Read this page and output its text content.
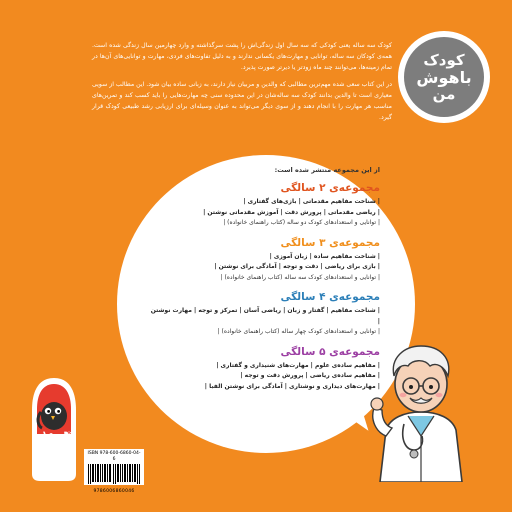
کودک سه ساله یعنی کودکی که سه سال اول زندگی‌اش را پشت سرگذاشته و وارد چهارمین سال زندگی شده است. همه‌ی کودکان سه ساله، توانایی و مهارت‌های یکسانی ندارند و به دلیل تفاوت‌های فردی، مهارت و توانایی‌های آن‌ها در تمام زمینه‌ها، می‌توانند چند ماه زودتر یا دیرتر صورت پذیرد.

در این کتاب سعی شده مهم‌ترین مطالبی که والدین و مربیان نیاز دارند، به زبانی ساده بیان شود. این مطالب از سویی معیاری است تا والدین بدانند کودک سه ساله‌شان در این محدوده سنی چه مهارت‌هایی را باید کسب کند و تمرین‌های مناسب هر مهارت را با انجام دهند و از سوی دیگر می‌تواند به عنوان وسیله‌ای برای ارزیابی رشد طبیعی کودک قرار گیرد.

کودک
باهوش
من
از این مجموعه منتشر شده است:
مجموعه‌ی ۲ سالگی
| شناخت مفاهیم مقدماتی | بازی‌های گفتاری |
| ریاضی مقدماتی | پرورش دقت | آموزش مقدماتی نوشتن |
| توانایی و استعدادهای کودک دو ساله (کتاب راهنمای خانواده) |
مجموعه‌ی ۳ سالگی
| شناخت مفاهیم ساده | زبان آموزی |
| بازی برای ریاضی | دقت و توجه | آمادگی برای نوشتن |
| توانایی و استعدادهای کودک سه ساله (کتاب راهنمای خانواده) |
مجموعه‌ی ۴ سالگی
| شناخت مفاهیم | گفتار و زبان | ریاضی آسان | تمرکز و توجه | مهارت نوشتن |
| توانایی و استعدادهای کودک چهار ساله (کتاب راهنمای خانواده) |
مجموعه‌ی ۵ سالگی
| مفاهیم ساده‌ی علوم | مهارت‌های شنیداری و گفتاری |
| مفاهیم ساده‌ی ریاضی | پرورش دقت و توجه |
| مهارت‌های دیداری و نوشتاری | آمادگی برای نوشتن الفبا |
کتاب پرنده	ISBN 978-600-6860-04-6
9786006860046
